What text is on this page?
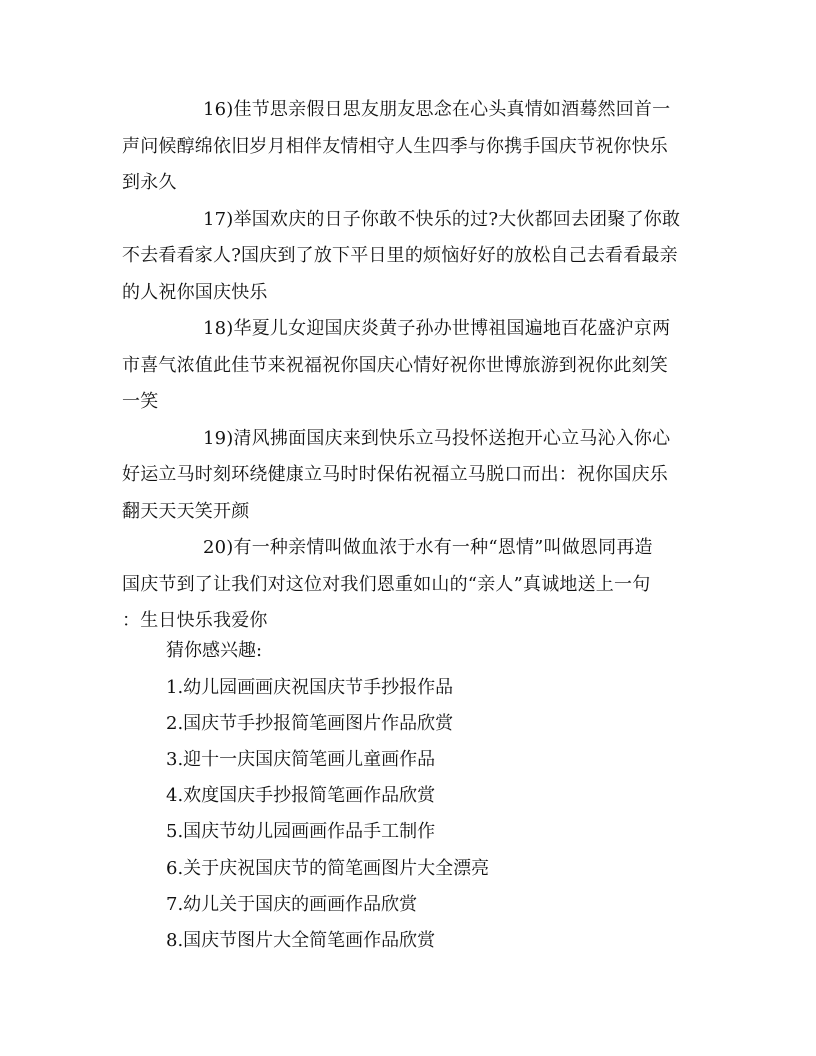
16)佳节思亲假日思友朋友思念在心头真情如酒蓦然回首一
声问候醇绵依旧岁月相伴友情相守人生四季与你携手国庆节祝你快乐
到永久

17)举国欢庆的日子你敢不快乐的过?大伙都回去团聚了你敢
不去看看家人?国庆到了放下平日里的烦恼好好的放松自己去看看最亲
的人祝你国庆快乐

18)华夏儿女迎国庆炎黄子孙办世博祖国遍地百花盛沪京两
市喜气浓值此佳节来祝福祝你国庆心情好祝你世博旅游到祝你此刻笑
一笑

19)清风拂面国庆来到快乐立马投怀送抱开心立马沁入你心
好运立马时刻环绕健康立马时时保佑祝福立马脱口而出：祝你国庆乐
翻天天天笑开颜

20)有一种亲情叫做血浓于水有一种“恩情”叫做恩同再造
国庆节到了让我们对这位对我们恩重如山的“亲人”真诚地送上一句
：生日快乐我爱你

猜你感兴趣:

1.幼儿园画画庆祝国庆节手抄报作品
2.国庆节手抄报简笔画图片作品欣赏
3.迎十一庆国庆简笔画儿童画作品
4.欢度国庆手抄报简笔画作品欣赏
5.国庆节幼儿园画画作品手工制作
6.关于庆祝国庆节的简笔画图片大全漂亮
7.幼儿关于国庆的画画作品欣赏
8.国庆节图片大全简笔画作品欣赏
